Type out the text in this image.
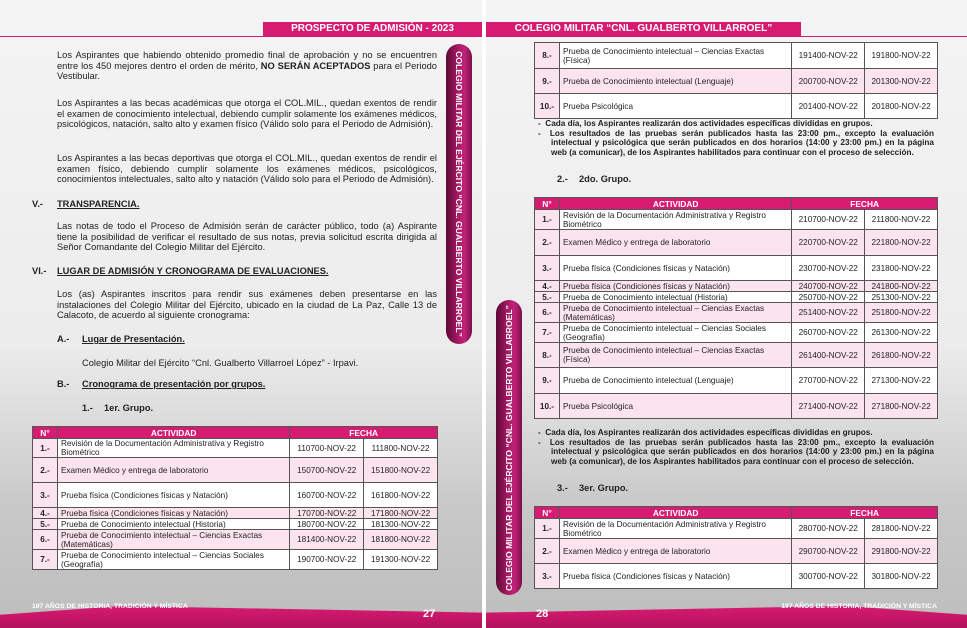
PROSPECTO DE ADMISIÓN - 2023
COLEGIO MILITAR DEL EJÉRCITO “CNL. GUALBERTO VILLARROEL”
Los Aspirantes que habiendo obtenido promedio final de aprobación y no se encuentren entre los 450 mejores dentro el orden de mérito, NO SERÁN ACEPTADOS para el Periodo Vestibular.
Los Aspirantes a las becas académicas que otorga el COL.MIL., quedan exentos de rendir el examen de conocimiento intelectual, debiendo cumplir solamente los exámenes médicos, psicológicos, natación, salto alto y examen físico (Válido solo para el Periodo de Admisión).
Los Aspirantes a las becas deportivas que otorga el COL.MIL., quedan exentos de rendir el examen físico, debiendo cumplir solamente los exámenes médicos, psicológicos, conocimientos intelectuales, salto alto y natación (Válido solo para el Periodo de Admisión).
V.- TRANSPARENCIA.
Las notas de todo el Proceso de Admisión serán de carácter público, todo (a) Aspirante tiene la posibilidad de verificar el resultado de sus notas, previa solicitud escrita dirigida al Señor Comandante del Colegio Militar del Ejército.
VI.- LUGAR DE ADMISIÓN Y CRONOGRAMA DE EVALUACIONES.
Los (as) Aspirantes inscritos para rendir sus exámenes deben presentarse en las instalaciones del Colegio Militar del Ejército, ubicado en la ciudad de La Paz, Calle 13 de Calacoto, de acuerdo al siguiente cronograma:
A.- Lugar de Presentación.
Colegio Militar del Ejército “Cnl. Gualberto Villarroel López” - Irpavi.
B.- Cronograma de presentación por grupos.
1.- 1er. Grupo.
N°	ACTIVIDAD	FECHA	
1.-	Revisión de la Documentación Administrativa y Registro Biométrico	110700-NOV-22	111800-NOV-22
2.-	Examen Médico y entrega de laboratorio	150700-NOV-22	151800-NOV-22
3.-	Prueba física (Condiciones físicas y Natación)	160700-NOV-22	161800-NOV-22
4.-	Prueba física (Condiciones físicas y Natación)	170700-NOV-22	171800-NOV-22
5.-	Prueba de Conocimiento intelectual (Historia)	180700-NOV-22	181300-NOV-22
6.-	Prueba de Conocimiento intelectual – Ciencias Exactas (Matemáticas)	181400-NOV-22	181800-NOV-22
7.-	Prueba de Conocimiento intelectual – Ciencias Sociales (Geografía)	190700-NOV-22	191300-NOV-22
197 AÑOS DE HISTORIA, TRADICIÓN Y MÍSTICA
27
COLEGIO MILITAR “CNL. GUALBERTO VILLARROEL”
COLEGIO MILITAR DEL EJÉRCITO “CNL. GUALBERTO VILLARROEL”
8.-	Prueba de Conocimiento intelectual – Ciencias Exactas (Física)	191400-NOV-22	191800-NOV-22
9.-	Prueba de Conocimiento intelectual (Lenguaje)	200700-NOV-22	201300-NOV-22
10.-	Prueba Psicológica	201400-NOV-22	201800-NOV-22

- Cada día, los Aspirantes realizarán dos actividades específicas divididas en grupos.

- Los resultados de las pruebas serán publicados hasta las 23:00 pm., excepto la evaluación intelectual y psicológica que serán publicados en dos horarios (14:00 y 23:00 pm.) en la página web (a comunicar), de los Aspirantes habilitados para continuar con el proceso de selección.

2.- 2do. Grupo.
N°	ACTIVIDAD	FECHA	
1.-	Revisión de la Documentación Administrativa y Registro Biométrico	210700-NOV-22	211800-NOV-22
2.-	Examen Médico y entrega de laboratorio	220700-NOV-22	221800-NOV-22
3.-	Prueba física (Condiciones físicas y Natación)	230700-NOV-22	231800-NOV-22
4.-	Prueba física (Condiciones físicas y Natación)	240700-NOV-22	241800-NOV-22
5.-	Prueba de Conocimiento intelectual (Historia)	250700-NOV-22	251300-NOV-22
6.-	Prueba de Conocimiento intelectual – Ciencias Exactas (Matemáticas)	251400-NOV-22	251800-NOV-22
7.-	Prueba de Conocimiento intelectual – Ciencias Sociales (Geografía)	260700-NOV-22	261300-NOV-22
8.-	Prueba de Conocimiento intelectual – Ciencias Exactas (Física)	261400-NOV-22	261800-NOV-22
9.-	Prueba de Conocimiento intelectual (Lenguaje)	270700-NOV-22	271300-NOV-22
10.-	Prueba Psicológica	271400-NOV-22	271800-NOV-22

- Cada día, los Aspirantes realizarán dos actividades específicas divididas en grupos.

- Los resultados de las pruebas serán publicados hasta las 23:00 pm., excepto la evaluación intelectual y psicológica que serán publicados en dos horarios (14:00 y 23:00 pm.) en la página web (a comunicar), de los Aspirantes habilitados para continuar con el proceso de selección.

3.- 3er. Grupo.
N°	ACTIVIDAD	FECHA	
1.-	Revisión de la Documentación Administrativa y Registro Biométrico	280700-NOV-22	281800-NOV-22
2.-	Examen Médico y entrega de laboratorio	290700-NOV-22	291800-NOV-22
3.-	Prueba física (Condiciones físicas y Natación)	300700-NOV-22	301800-NOV-22
197 AÑOS DE HISTORIA, TRADICIÓN Y MÍSTICA
28
